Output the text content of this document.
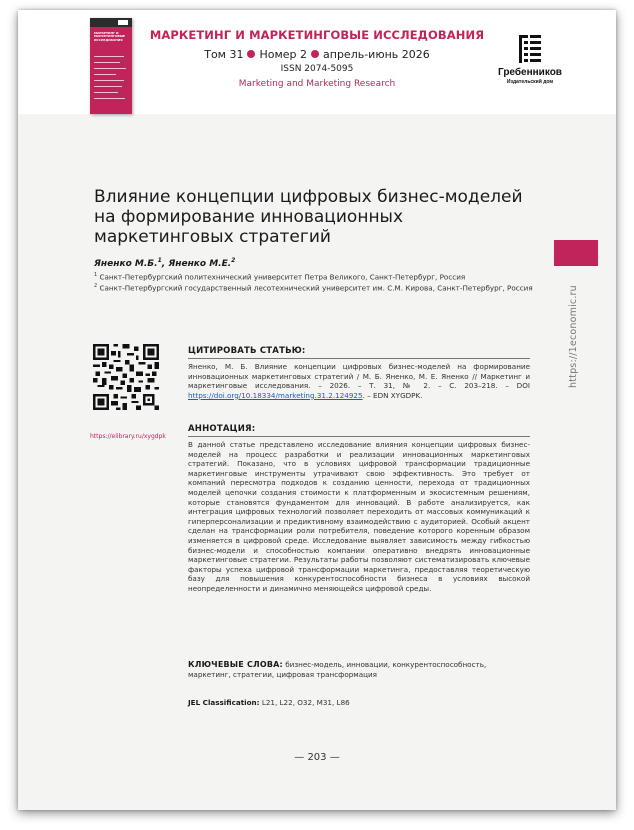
МАРКЕТИНГ И МАРКЕТИНГОВЫЕ ИССЛЕДОВАНИЯ	МАРКЕТИНГ И МАРКЕТИНГОВЫЕ ИССЛЕДОВАНИЯ
Том 31 Номер 2 апрель-июнь 2026
ISSN 2074-5095
Marketing and Marketing Research
Гребенников
Издательский дом
https://1economic.ru
Влияние концепции цифровых бизнес-моделей на формирование инновационных маркетинговых стратегий
Яненко М.Б.$^1$, Яненко М.Е.$^2$
$^1$ Санкт-Петербургский политехнический университет Петра Великого, Санкт-Петербург, Россия
$^2$ Санкт-Петербургский государственный лесотехнический университет им. С.М. Кирова, Санкт-Петербург, Россия
https://elibrary.ru/xygdpk
ЦИТИРОВАТЬ СТАТЬЮ:
Яненко, М. Б. Влияние концепции цифровых бизнес-моделей на формирование инновационных маркетинговых стратегий / М. Б. Яненко, М. Е. Яненко // Маркетинг и маркетинговые исследования. – 2026. – Т. 31, № 2. – С. 203–218. – DOI https://doi.org/10.18334/marketing.31.2.124925. – EDN XYGDPK.
АННОТАЦИЯ:
В данной статье представлено исследование влияния концепции цифровых бизнес-моделей на процесс разработки и реализации инновационных маркетинговых стратегий. Показано, что в условиях цифровой трансформации традиционные маркетинговые инструменты утрачивают свою эффективность. Это требует от компаний пересмотра подходов к созданию ценности, перехода от традиционных моделей цепочки создания стоимости к платформенным и экосистемным решениям, которые становятся фундаментом для инноваций. В работе анализируется, как интеграция цифровых технологий позволяет переходить от массовых коммуникаций к гиперперсонализации и предиктивному взаимодействию с аудиторией. Особый акцент сделан на трансформации роли потребителя, поведение которого коренным образом изменяется в цифровой среде. Исследование выявляет зависимость между гибкостью бизнес-модели и способностью компании оперативно внедрять инновационные маркетинговые стратегии. Результаты работы позволяют систематизировать ключевые факторы успеха цифровой трансформации маркетинга, предоставляя теоретическую базу для повышения конкурентоспособности бизнеса в условиях высокой неопределенности и динамично меняющейся цифровой среды.
КЛЮЧЕВЫЕ СЛОВА: бизнес-модель, инновации, конкурентоспособность, маркетинг, стратегии, цифровая трансформация
JEL Classification: L21, L22, O32, M31, L86
— 203 —
